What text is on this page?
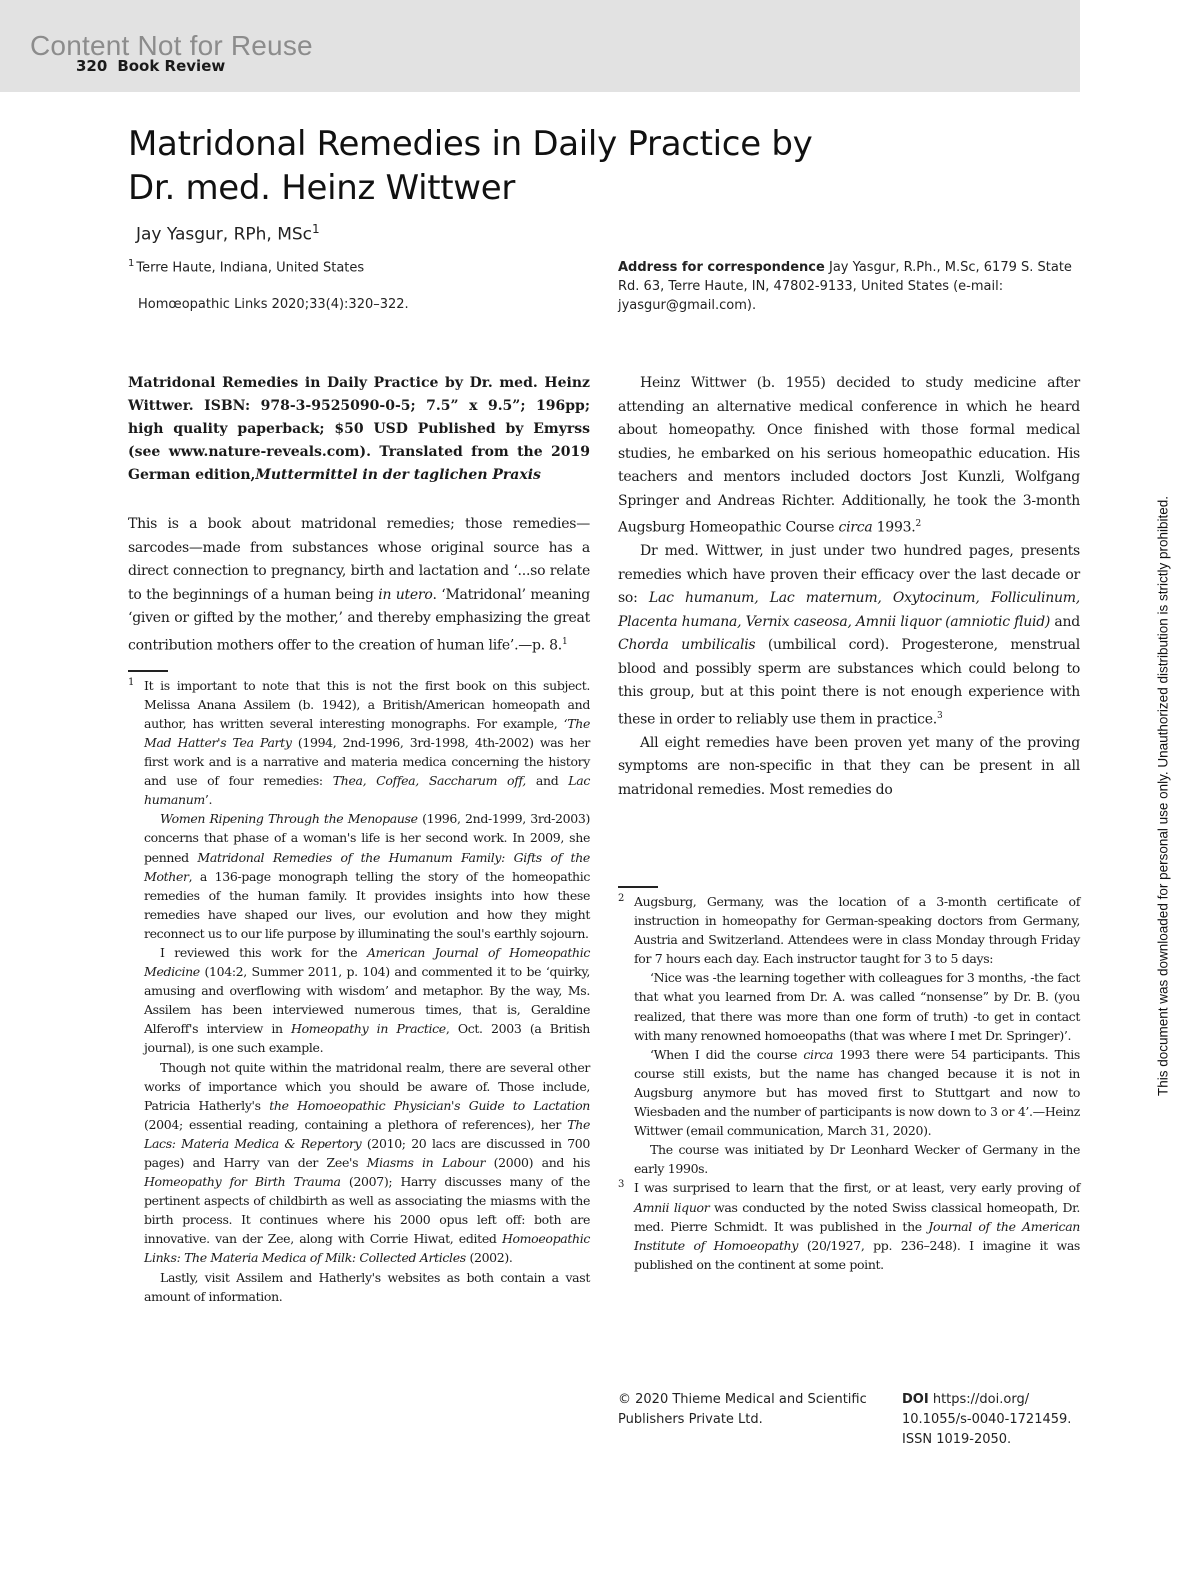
Content Not for Reuse
320 Book Review
Matridonal Remedies in Daily Practice by
Dr. med. Heinz Wittwer
Jay Yasgur, RPh, MSc$^1$
$^1$ Terre Haute, Indiana, United States
Homœopathic Links 2020;33(4):320–322.
Address for correspondence Jay Yasgur, R.Ph., M.Sc, 6179 S. State Rd. 63, Terre Haute, IN, 47802-9133, United States (e-mail: jyasgur@gmail.com).

Matridonal Remedies in Daily Practice by Dr. med. Heinz Wittwer. ISBN: 978-3-9525090-0-5; 7.5” x 9.5”; 196pp; high quality paperback; $50 USD Published by Emyrss (see www.nature-reveals.com). Translated from the 2019 German edition,Muttermittel in der taglichen Praxis

This is a book about matridonal remedies; those remedies—sarcodes—made from substances whose original source has a direct connection to pregnancy, birth and lactation and ‘...so relate to the beginnings of a human being in utero. ‘Matridonal’ meaning ‘given or gifted by the mother,’ and thereby emphasizing the great contribution mothers offer to the creation of human life’.—p. 8.$^1$

1 It is important to note that this is not the first book on this subject. Melissa Anana Assilem (b. 1942), a British/American homeopath and author, has written several interesting monographs. For example, ‘The Mad Hatter's Tea Party (1994, 2nd-1996, 3rd-1998, 4th-2002) was her first work and is a narrative and materia medica concerning the history and use of four remedies: Thea, Coffea, Saccharum off, and Lac humanum’.

Women Ripening Through the Menopause (1996, 2nd-1999, 3rd-2003) concerns that phase of a woman's life is her second work. In 2009, she penned Matridonal Remedies of the Humanum Family: Gifts of the Mother, a 136-page monograph telling the story of the homeopathic remedies of the human family. It provides insights into how these remedies have shaped our lives, our evolution and how they might reconnect us to our life purpose by illuminating the soul's earthly sojourn.

I reviewed this work for the American Journal of Homeopathic Medicine (104:2, Summer 2011, p. 104) and commented it to be ‘quirky, amusing and overflowing with wisdom’ and metaphor. By the way, Ms. Assilem has been interviewed numerous times, that is, Geraldine Alferoff's interview in Homeopathy in Practice, Oct. 2003 (a British journal), is one such example.

Though not quite within the matridonal realm, there are several other works of importance which you should be aware of. Those include, Patricia Hatherly's the Homoeopathic Physician's Guide to Lactation (2004; essential reading, containing a plethora of references), her The Lacs: Materia Medica & Repertory (2010; 20 lacs are discussed in 700 pages) and Harry van der Zee's Miasms in Labour (2000) and his Homeopathy for Birth Trauma (2007); Harry discusses many of the pertinent aspects of childbirth as well as associating the miasms with the birth process. It continues where his 2000 opus left off: both are innovative. van der Zee, along with Corrie Hiwat, edited Homoeopathic Links: The Materia Medica of Milk: Collected Articles (2002).

Lastly, visit Assilem and Hatherly's websites as both contain a vast amount of information.

Heinz Wittwer (b. 1955) decided to study medicine after attending an alternative medical conference in which he heard about homeopathy. Once finished with those formal medical studies, he embarked on his serious homeopathic education. His teachers and mentors included doctors Jost Kunzli, Wolfgang Springer and Andreas Richter. Additionally, he took the 3-month Augsburg Homeopathic Course circa 1993.$^2$

Dr med. Wittwer, in just under two hundred pages, presents remedies which have proven their efficacy over the last decade or so: Lac humanum, Lac maternum, Oxytocinum, Folliculinum, Placenta humana, Vernix caseosa, Amnii liquor (amniotic fluid) and Chorda umbilicalis (umbilical cord). Progesterone, menstrual blood and possibly sperm are substances which could belong to this group, but at this point there is not enough experience with these in order to reliably use them in practice.$^3$

All eight remedies have been proven yet many of the proving symptoms are non-specific in that they can be present in all matridonal remedies. Most remedies do

2 Augsburg, Germany, was the location of a 3-month certificate of instruction in homeopathy for German-speaking doctors from Germany, Austria and Switzerland. Attendees were in class Monday through Friday for 7 hours each day. Each instructor taught for 3 to 5 days:

‘Nice was -the learning together with colleagues for 3 months, -the fact that what you learned from Dr. A. was called “nonsense” by Dr. B. (you realized, that there was more than one form of truth) -to get in contact with many renowned homoeopaths (that was where I met Dr. Springer)’.

‘When I did the course circa 1993 there were 54 participants. This course still exists, but the name has changed because it is not in Augsburg anymore but has moved first to Stuttgart and now to Wiesbaden and the number of participants is now down to 3 or 4’.—Heinz Wittwer (email communication, March 31, 2020).

The course was initiated by Dr Leonhard Wecker of Germany in the early 1990s.

3 I was surprised to learn that the first, or at least, very early proving of Amnii liquor was conducted by the noted Swiss classical homeopath, Dr. med. Pierre Schmidt. It was published in the Journal of the American Institute of Homoeopathy (20/1927, pp. 236–248). I imagine it was published on the continent at some point.

© 2020 Thieme Medical and Scientific Publishers Private Ltd.
DOI https://doi.org/ 10.1055/s-0040-1721459.
ISSN 1019-2050.
This document was downloaded for personal use only. Unauthorized distribution is strictly prohibited.
